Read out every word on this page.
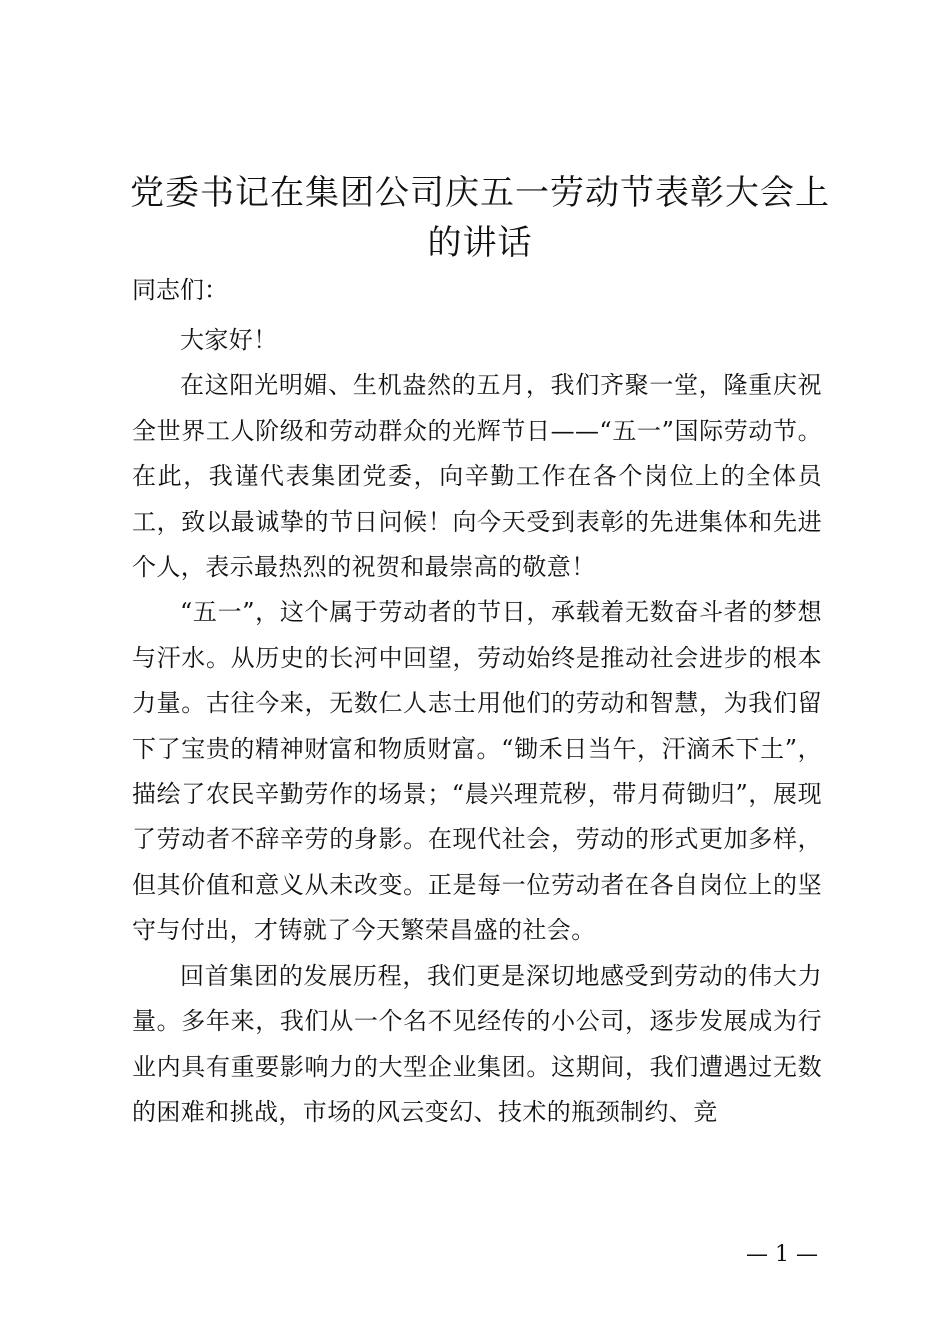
党委书记在集团公司庆五一劳动节表彰大会上的讲话

同志们：

大家好！

在这阳光明媚、生机盎然的五月，我们齐聚一堂，隆重庆祝全世界工人阶级和劳动群众的光辉节日——“五一”国际劳动节。在此，我谨代表集团党委，向辛勤工作在各个岗位上的全体员工，致以最诚挚的节日问候！向今天受到表彰的先进集体和先进个人，表示最热烈的祝贺和最崇高的敬意！

“五一”，这个属于劳动者的节日，承载着无数奋斗者的梦想与汗水。从历史的长河中回望，劳动始终是推动社会进步的根本力量。古往今来，无数仁人志士用他们的劳动和智慧，为我们留下了宝贵的精神财富和物质财富。“锄禾日当午，汗滴禾下土”，描绘了农民辛勤劳作的场景；“晨兴理荒秽，带月荷锄归”，展现了劳动者不辞辛劳的身影。在现代社会，劳动的形式更加多样，但其价值和意义从未改变。正是每一位劳动者在各自岗位上的坚守与付出，才铸就了今天繁荣昌盛的社会。

回首集团的发展历程，我们更是深切地感受到劳动的伟大力量。多年来，我们从一个名不见经传的小公司，逐步发展成为行业内具有重要影响力的大型企业集团。这期间，我们遭遇过无数的困难和挑战，市场的风云变幻、技术的瓶颈制约、竞

— 1 —
